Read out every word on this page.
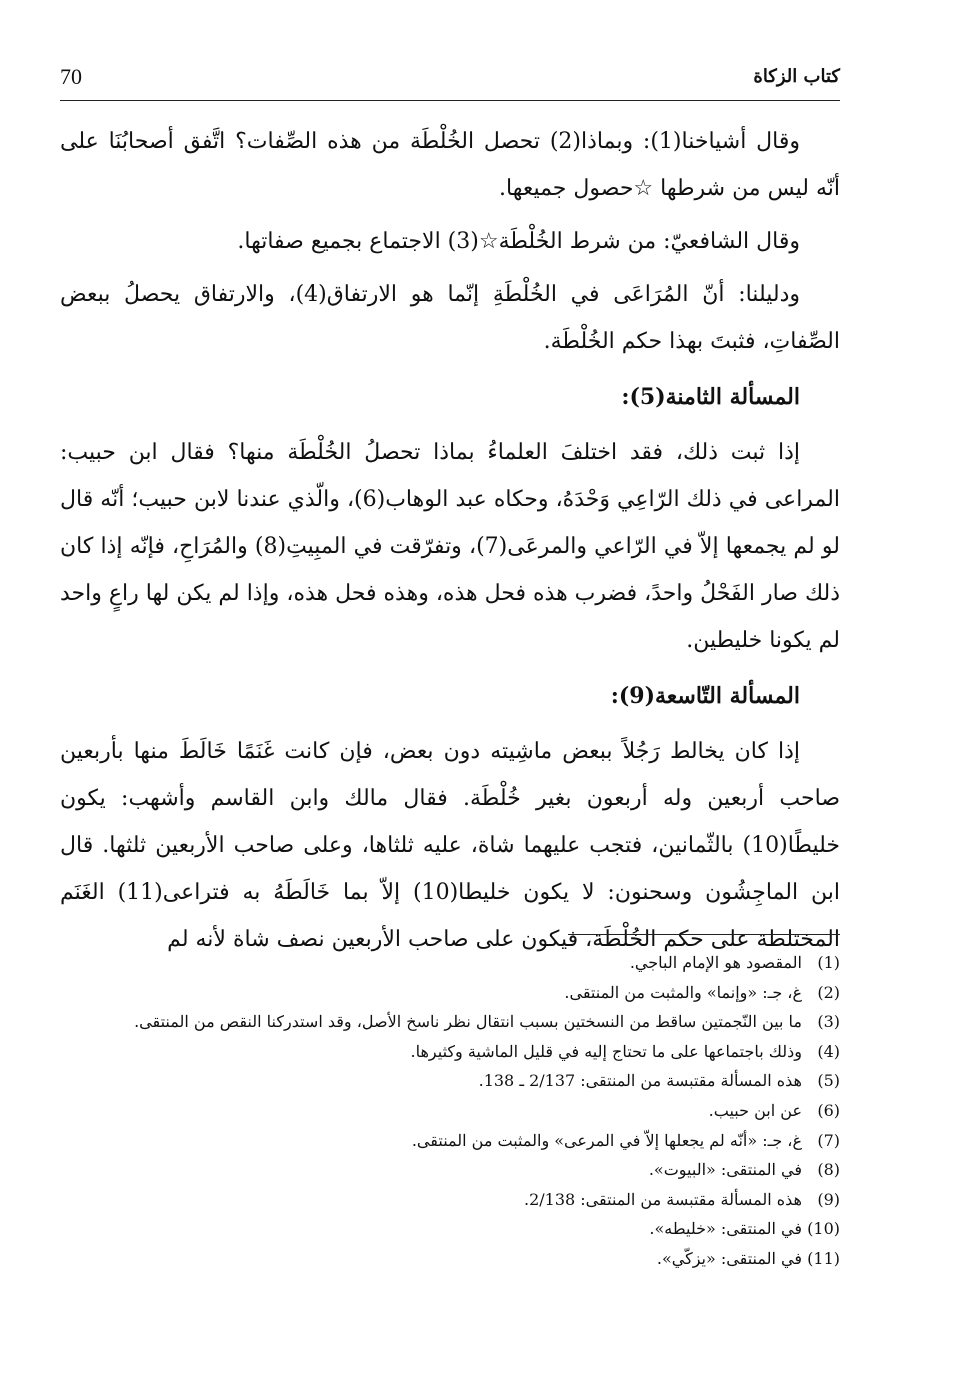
70	كتاب الزكاة

وقال أشياخنا(1): وبماذا(2) تحصل الخُلْطَة من هذه الصِّفات؟ اتَّفق أصحابُنَا على أنّه ليس من شرطها ☆حصول جميعها.

وقال الشافعيّ: من شرط الخُلْطَة☆(3) الاجتماع بجميع صفاتها.

ودليلنا: أنّ المُرَاعَى في الخُلْطَةِ إنّما هو الارتفاق(4)، والارتفاق يحصلُ ببعض الصِّفاتِ، فثبتَ بهذا حكم الخُلْطَة.

المسألة الثامنة(5):

إذا ثبت ذلك، فقد اختلفَ العلماءُ بماذا تحصلُ الخُلْطَة منها؟ فقال ابن حبيب: المراعى في ذلك الرّاعِي وَحْدَهُ، وحكاه عبد الوهاب(6)، والّذي عندنا لابن حبيب؛ أنّه قال لو لم يجمعها إلاّ في الرّاعي والمرعَى(7)، وتفرّقت في المبِيتِ(8) والمُرَاحِ، فإنّه إذا كان ذلك صار الفَحْلُ واحدً، فضرب هذه فحل هذه، وهذه فحل هذه، وإذا لم يكن لها راعٍ واحد لم يكونا خليطين.

المسألة التّاسعة(9):

إذا كان يخالط رَجُلاً ببعض ماشِيته دون بعض، فإن كانت غَنَمًا خَالَطَ منها بأربعين صاحب أربعين وله أربعون بغير خُلْطَة. فقال مالك وابن القاسم وأشهب: يكون خليطًا(10) بالثّمانين، فتجب عليهما شاة، عليه ثلثاها، وعلى صاحب الأربعين ثلثها. قال ابن الماجِشُون وسحنون: لا يكون خليطا(10) إلاّ بما خَالَطَهُ به فتراعى(11) الغَنَم المختلطة على حكم الخُلْطَة، فيكون على صاحب الأربعين نصف شاة لأنه لم

(1)المقصود هو الإمام الباجي.
(2)غ، جـ: «وإنما» والمثبت من المنتقى.
(3)ما بين النّجمتين ساقط من النسختين بسبب انتقال نظر ناسخ الأصل، وقد استدركنا النقص من المنتقى.
(4)وذلك باجتماعها على ما تحتاج إليه في قليل الماشية وكثيرها.
(5)هذه المسألة مقتبسة من المنتقى: 2/137 ـ 138.
(6)عن ابن حبيب.
(7)غ، جـ: «أنّه لم يجعلها إلاّ في المرعى» والمثبت من المنتقى.
(8)في المنتقى: «البيوت».
(9)هذه المسألة مقتبسة من المنتقى: 2/138.
(10)في المنتقى: «خليطه».
(11)في المنتقى: «يزكّي».
